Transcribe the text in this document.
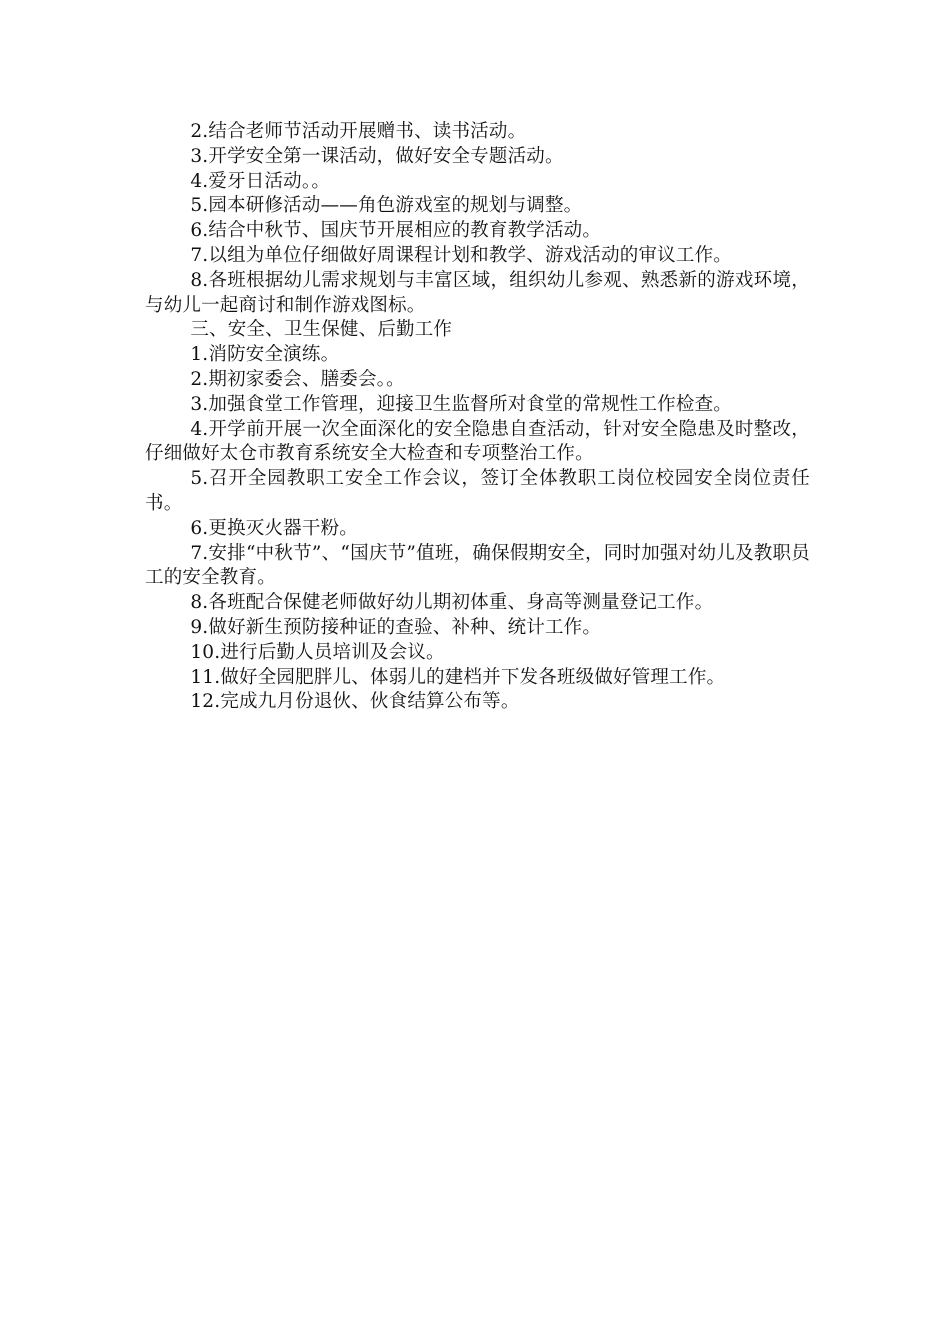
2.结合老师节活动开展赠书、读书活动。

3.开学安全第一课活动，做好安全专题活动。

4.爱牙日活动。。

5.园本研修活动——角色游戏室的规划与调整。

6.结合中秋节、国庆节开展相应的教育教学活动。

7.以组为单位仔细做好周课程计划和教学、游戏活动的审议工作。

8.各班根据幼儿需求规划与丰富区域，组织幼儿参观、熟悉新的游戏环境，与幼儿一起商讨和制作游戏图标。

三、安全、卫生保健、后勤工作

1.消防安全演练。

2.期初家委会、膳委会。。

3.加强食堂工作管理，迎接卫生监督所对食堂的常规性工作检查。

4.开学前开展一次全面深化的安全隐患自查活动，针对安全隐患及时整改，仔细做好太仓市教育系统安全大检查和专项整治工作。

5.召开全园教职工安全工作会议，签订全体教职工岗位校园安全岗位责任书。

6.更换灭火器干粉。

7.安排“中秋节”、“国庆节”值班，确保假期安全，同时加强对幼儿及教职员工的安全教育。

8.各班配合保健老师做好幼儿期初体重、身高等测量登记工作。

9.做好新生预防接种证的查验、补种、统计工作。

10.进行后勤人员培训及会议。

11.做好全园肥胖儿、体弱儿的建档并下发各班级做好管理工作。

12.完成九月份退伙、伙食结算公布等。
